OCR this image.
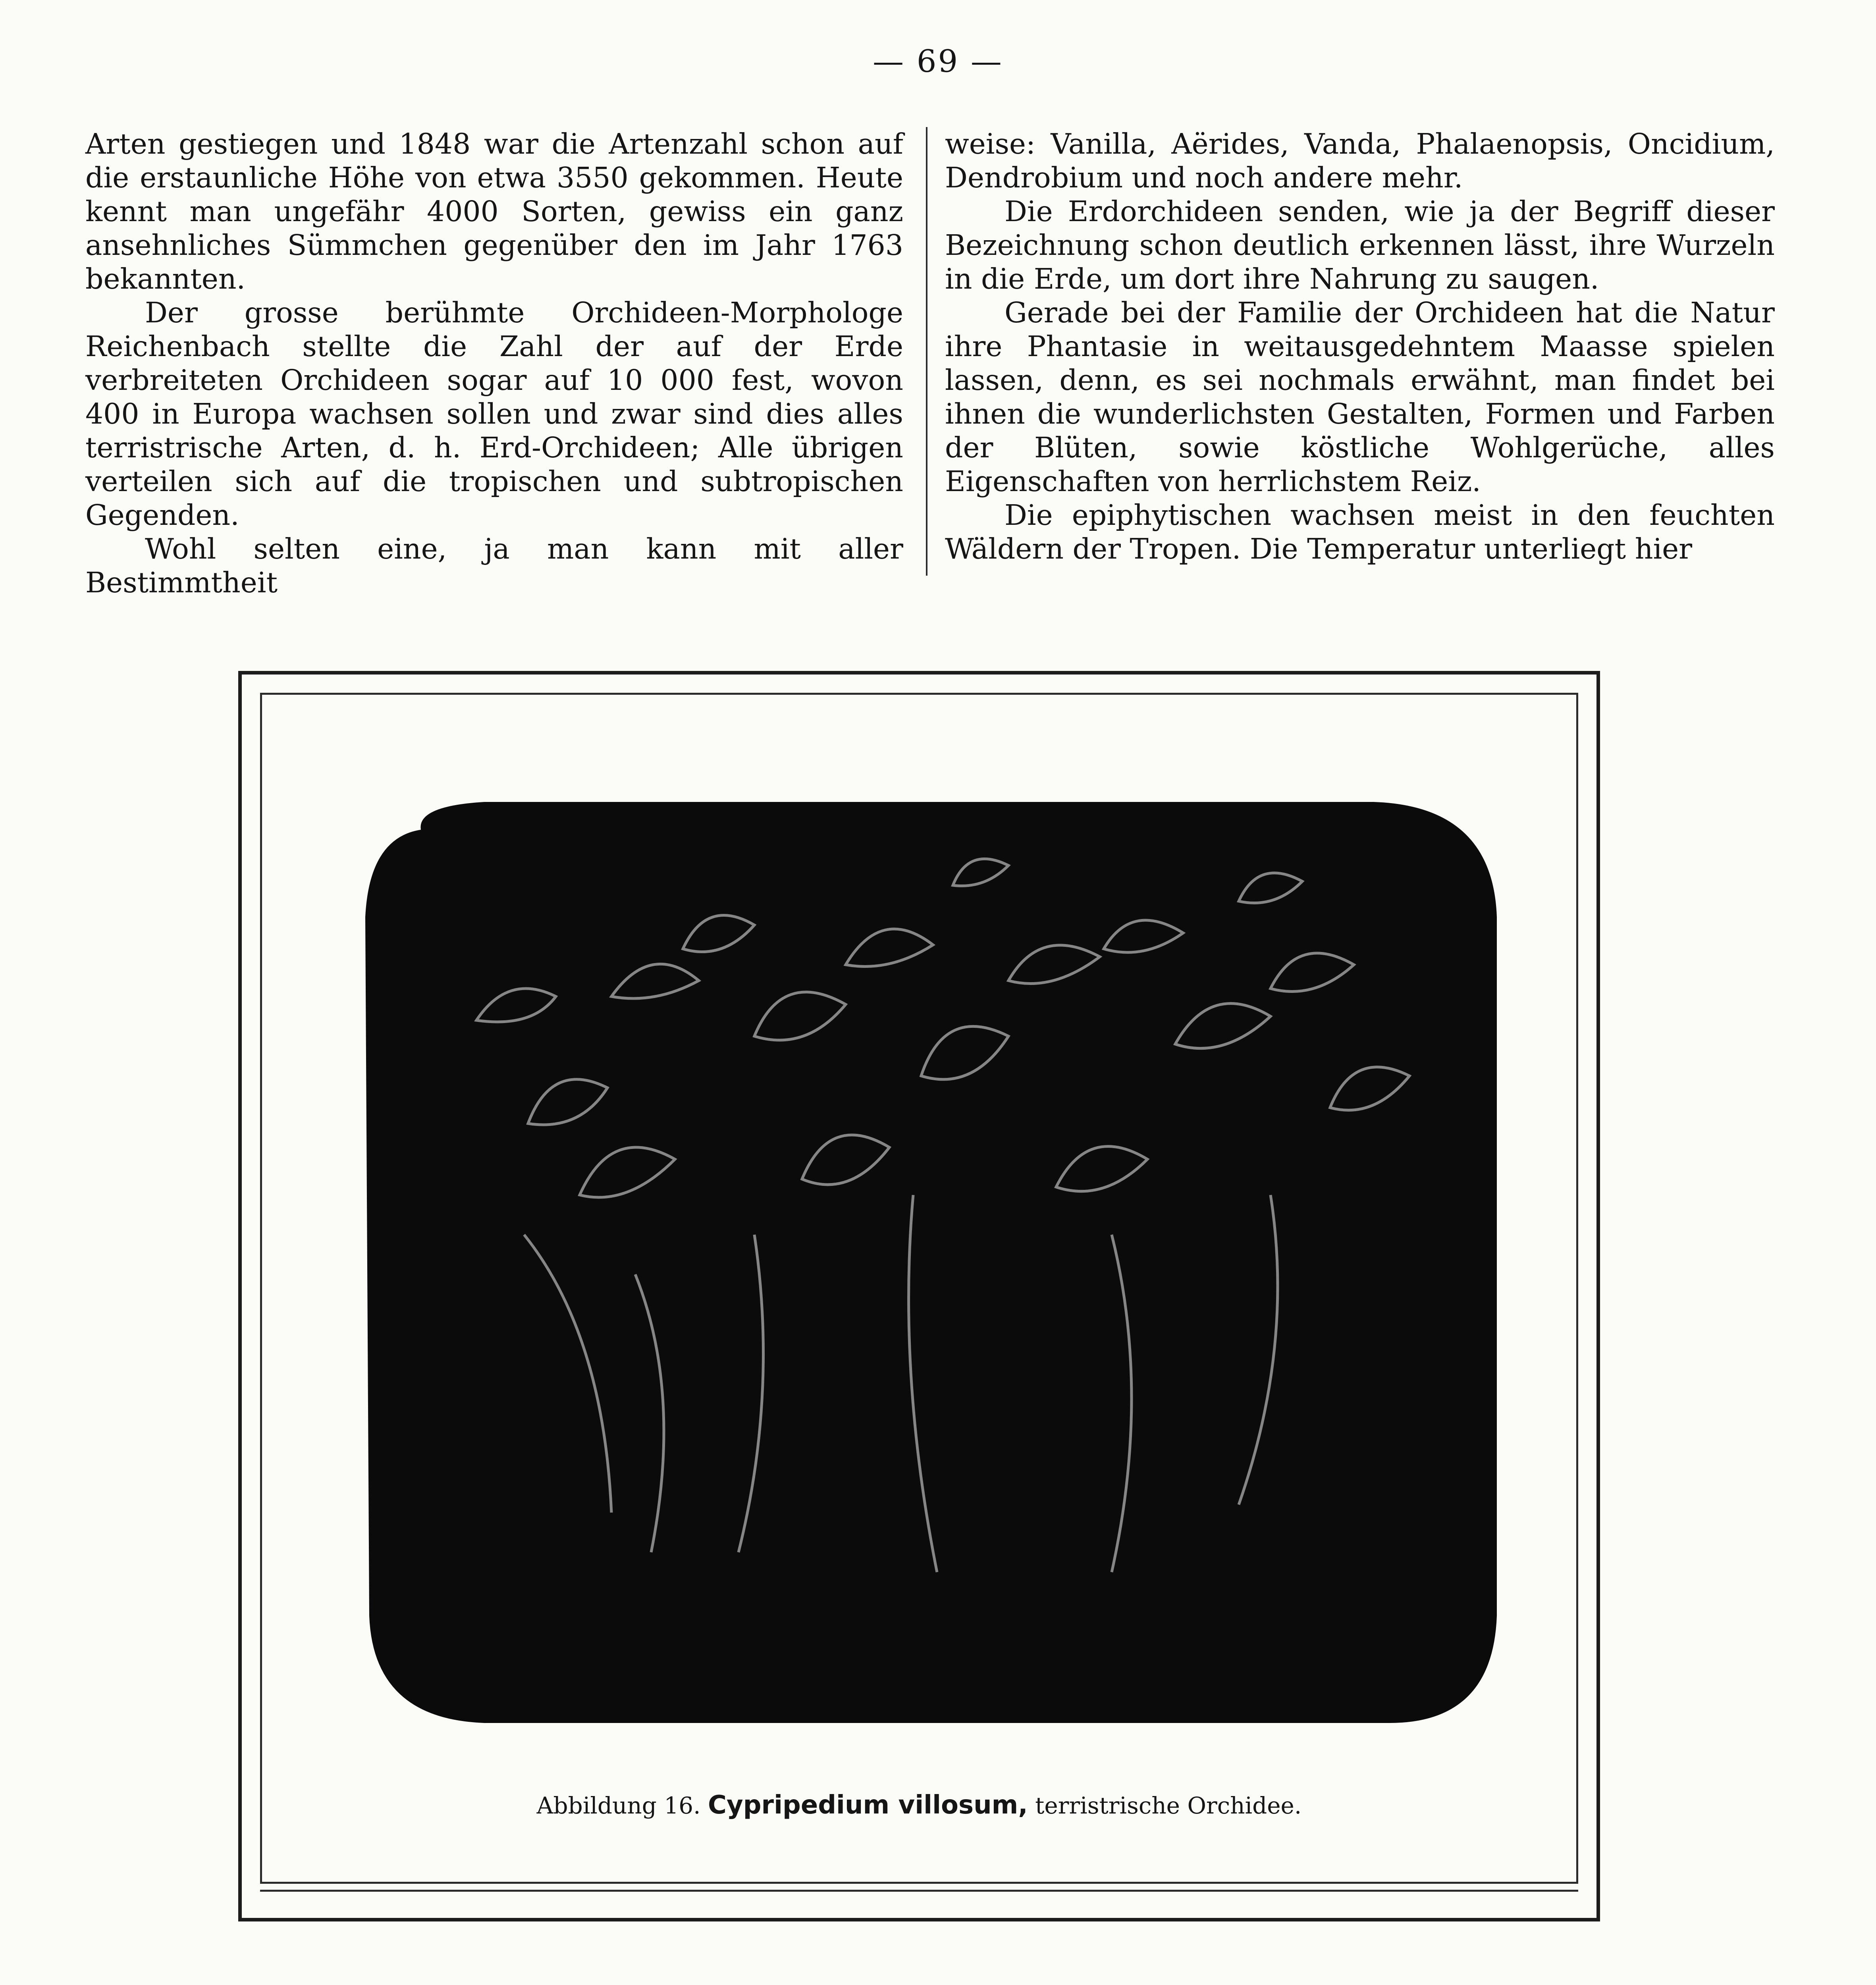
— 69 —

Arten gestiegen und 1848 war die Artenzahl schon auf die erstaunliche Höhe von etwa 3550 gekommen. Heute kennt man ungefähr 4000 Sorten, gewiss ein ganz ansehnliches Sümmchen gegenüber den im Jahr 1763 bekannten.

Der grosse berühmte Orchideen-Morphologe Reichenbach stellte die Zahl der auf der Erde verbreiteten Orchideen sogar auf 10 000 fest, wovon 400 in Europa wachsen sollen und zwar sind dies alles terristrische Arten, d. h. Erd-Orchideen; Alle übrigen verteilen sich auf die tropischen und subtropischen Gegenden.

Wohl selten eine, ja man kann mit aller Bestimmtheit

weise: Vanilla, Aërides, Vanda, Phalaenopsis, Oncidium, Dendrobium und noch andere mehr.

Die Erdorchideen senden, wie ja der Begriff dieser Bezeichnung schon deutlich erkennen lässt, ihre Wurzeln in die Erde, um dort ihre Nahrung zu saugen.

Gerade bei der Familie der Orchideen hat die Natur ihre Phantasie in weitausgedehntem Maasse spielen lassen, denn, es sei nochmals erwähnt, man findet bei ihnen die wunderlichsten Gestalten, Formen und Farben der Blüten, sowie köstliche Wohlgerüche, alles Eigenschaften von herrlichstem Reiz.

Die epiphytischen wachsen meist in den feuchten Wäldern der Tropen. Die Temperatur unterliegt hier

Abbildung 16. Cypripedium villosum, terristrische Orchidee.
